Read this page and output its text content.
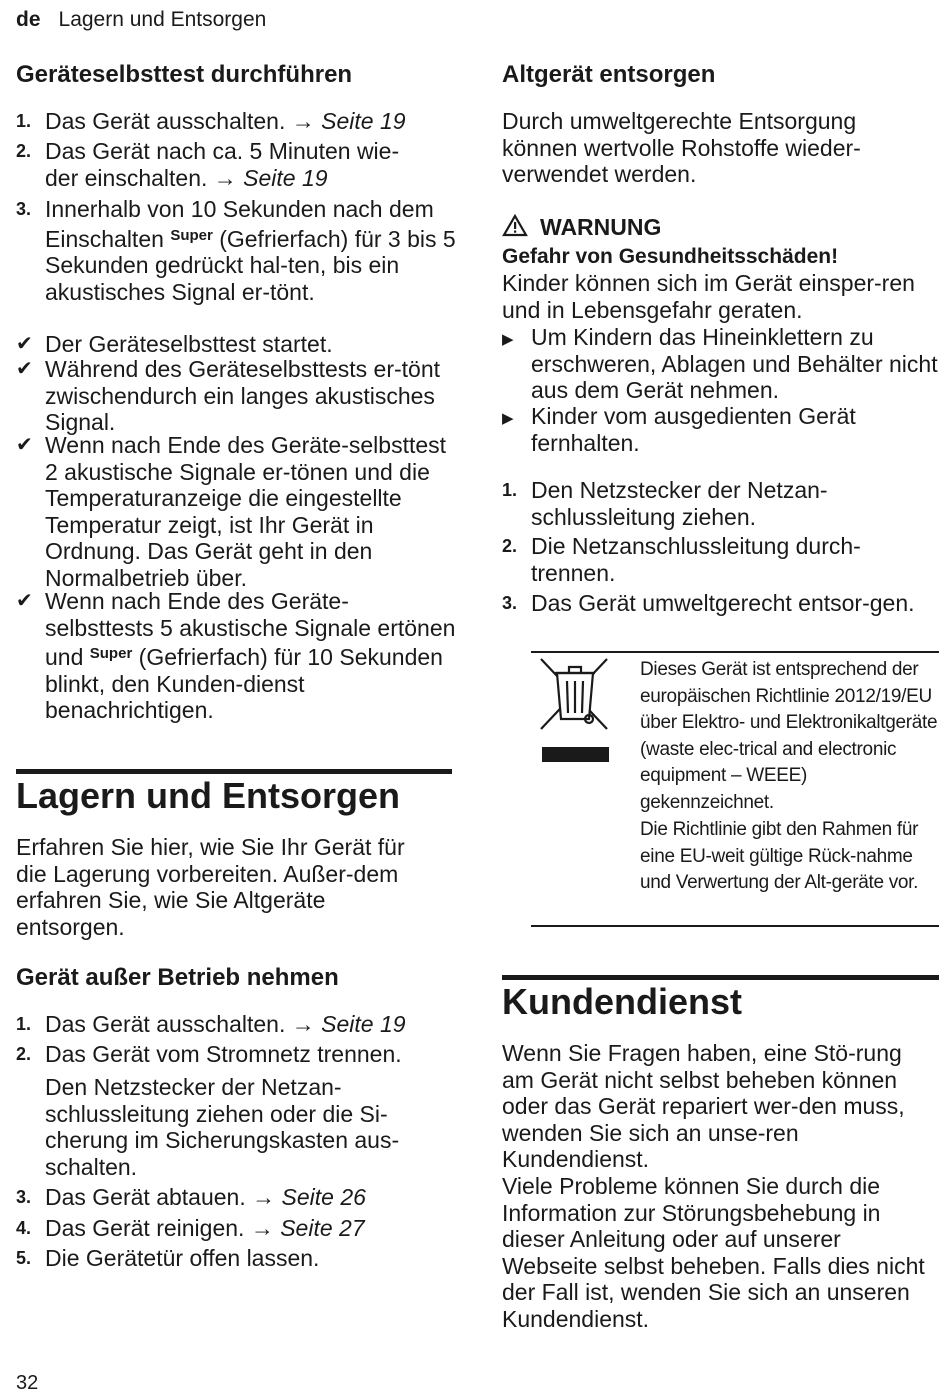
de Lagern und Entsorgen
Geräteselbsttest durchführen
1. Das Gerät ausschalten. → Seite 19
2. Das Gerät nach ca. 5 Minuten wie-
der einschalten. → Seite 19
3. Innerhalb von 10 Sekunden nach dem Einschalten $^{Super}$ (Gefrierfach) für 3 bis 5 Sekunden gedrückt hal-ten, bis ein akustisches Signal er-tönt.
✔ Der Geräteselbsttest startet.
✔ Während des Geräteselbsttests er-tönt zwischendurch ein langes akustisches Signal.
✔ Wenn nach Ende des Geräte-selbsttest 2 akustische Signale er-tönen und die Temperaturanzeige die eingestellte Temperatur zeigt, ist Ihr Gerät in Ordnung. Das Gerät geht in den Normalbetrieb über.
✔ Wenn nach Ende des Geräte-selbsttests 5 akustische Signale ertönen und $^{Super}$ (Gefrierfach) für 10 Sekunden blinkt, den Kunden-dienst benachrichtigen.
Lagern und Entsorgen

Erfahren Sie hier, wie Sie Ihr Gerät für die Lagerung vorbereiten. Außer-dem erfahren Sie, wie Sie Altgeräte entsorgen.

Gerät außer Betrieb nehmen
1. Das Gerät ausschalten. → Seite 19
2. Das Gerät vom Stromnetz trennen.
Den Netzstecker der Netzan-schlussleitung ziehen oder die Si-cherung im Sicherungskasten aus-schalten.
3. Das Gerät abtauen. → Seite 26
4. Das Gerät reinigen. → Seite 27
5. Die Gerätetür offen lassen.
Altgerät entsorgen

Durch umweltgerechte Entsorgung können wertvolle Rohstoffe wieder-verwendet werden.

WARNUNG
Gefahr von Gesundheitsschäden!

Kinder können sich im Gerät einsper-ren und in Lebensgefahr geraten.

▶ Um Kindern das Hineinklettern zu erschweren, Ablagen und Behälter nicht aus dem Gerät nehmen.
▶ Kinder vom ausgedienten Gerät fernhalten.
1. Den Netzstecker der Netzan-schlussleitung ziehen.
2. Die Netzanschlussleitung durch-trennen.
3. Das Gerät umweltgerecht entsor-gen.
Dieses Gerät ist entsprechend der europäischen Richtlinie 2012/19/EU über Elektro- und Elektronikaltgeräte (waste elec-trical and electronic equipment – WEEE) gekennzeichnet.
Die Richtlinie gibt den Rahmen für eine EU-weit gültige Rück-nahme und Verwertung der Alt-geräte vor.
Kundendienst

Wenn Sie Fragen haben, eine Stö-rung am Gerät nicht selbst beheben können oder das Gerät repariert wer-den muss, wenden Sie sich an unse-ren Kundendienst.

Viele Probleme können Sie durch die Information zur Störungsbehebung in dieser Anleitung oder auf unserer Webseite selbst beheben. Falls dies nicht der Fall ist, wenden Sie sich an unseren Kundendienst.

32
